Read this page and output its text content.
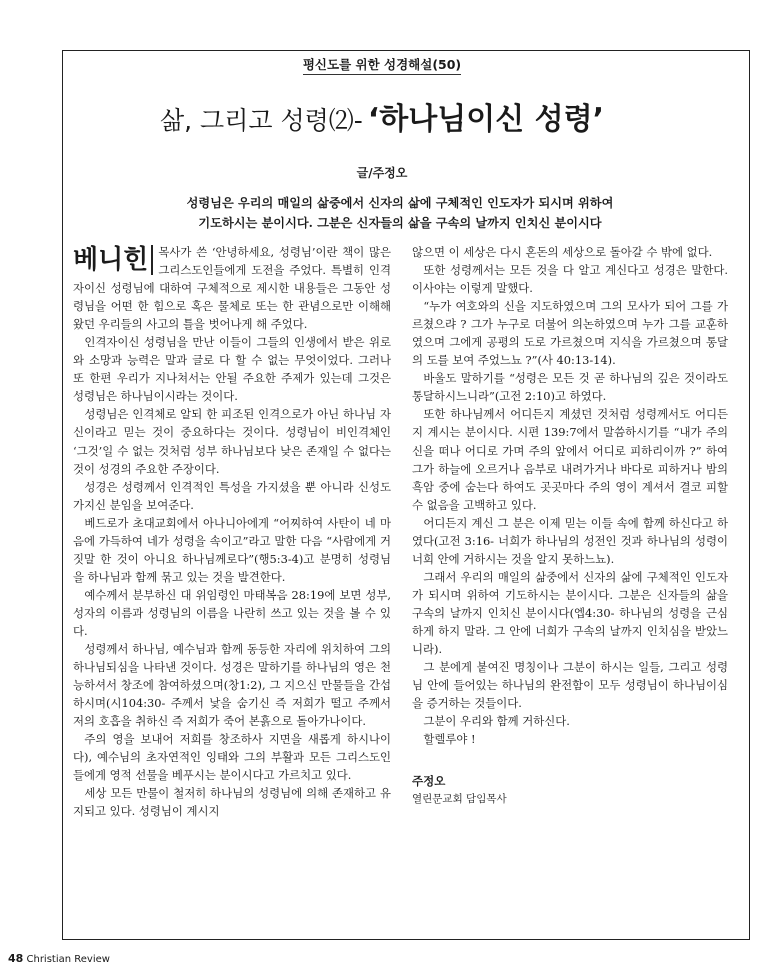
평신도를 위한 성경해설(50)
삶, 그리고 성령⑵- ‘하나님이신 성령’
글/주정오
성령님은 우리의 매일의 삶중에서 신자의 삶에 구체적인 인도자가 되시며 위하여
기도하시는 분이시다. 그분은 신자들의 삶을 구속의 날까지 인치신 분이시다

베니힌 목사가 쓴 ‘안녕하세요, 성령님’이란 책이 많은 그리스도인들에게 도전을 주었다. 특별히 인격자이신 성령님에 대하여 구체적으로 제시한 내용들은 그동안 성령님을 어떤 한 힘으로 혹은 물체로 또는 한 관념으로만 이해해 왔던 우리들의 사고의 틀을 벗어나게 해 주었다.

인격자이신 성령님을 만난 이들이 그들의 인생에서 받은 위로와 소망과 능력은 말과 글로 다 할 수 없는 무엇이었다. 그러나 또 한편 우리가 지나쳐서는 안될 주요한 주제가 있는데 그것은 성령님은 하나님이시라는 것이다.

성령님은 인격체로 알되 한 피조된 인격으로가 아닌 하나님 자신이라고 믿는 것이 중요하다는 것이다. 성령님이 비인격체인 ‘그것’일 수 없는 것처럼 성부 하나님보다 낮은 존재일 수 없다는 것이 성경의 주요한 주장이다.

성경은 성령께서 인격적인 특성을 가지셨을 뿐 아니라 신성도 가지신 분임을 보여준다.

베드로가 초대교회에서 아나니아에게 “어찌하여 사탄이 네 마음에 가득하여 네가 성령을 속이고”라고 말한 다음 “사람에게 거짓말 한 것이 아니요 하나님께로다”(행5:3-4)고 분명히 성령님을 하나님과 함께 묶고 있는 것을 발견한다.

예수께서 분부하신 대 위임령인 마태복음 28:19에 보면 성부, 성자의 이름과 성령님의 이름을 나란히 쓰고 있는 것을 볼 수 있다.

성령께서 하나님, 예수님과 함께 동등한 자리에 위치하여 그의 하나님되심을 나타낸 것이다. 성경은 말하기를 하나님의 영은 천능하셔서 창조에 참여하셨으며(창1:2), 그 지으신 만물들을 간섭하시며(시104:30- 주께서 낯을 숨기신 즉 저희가 떨고 주께서 저의 호흡을 취하신 즉 저희가 죽어 본흙으로 돌아가나이다.

주의 영을 보내어 저희를 창조하사 지면을 새롭게 하시나이다), 예수님의 초자연적인 잉태와 그의 부활과 모든 그리스도인들에게 영적 선물을 베푸시는 분이시다고 가르치고 있다.

세상 모든 만물이 철저히 하나님의 성령님에 의해 존재하고 유지되고 있다. 성령님이 계시지

않으면 이 세상은 다시 혼돈의 세상으로 돌아갈 수 밖에 없다.

또한 성령께서는 모든 것을 다 알고 계신다고 성경은 말한다. 이사야는 이렇게 말했다.

“누가 여호와의 신을 지도하였으며 그의 모사가 되어 그를 가르쳤으랴 ? 그가 누구로 더불어 의논하였으며 누가 그를 교훈하였으며 그에게 공평의 도로 가르쳤으며 지식을 가르쳤으며 통달의 도를 보여 주었느뇨 ?”(사 40:13-14).

바울도 말하기를 “성령은 모든 것 곧 하나님의 깊은 것이라도 통달하시느니라”(고전 2:10)고 하였다.

또한 하나님께서 어디든지 계셨던 것처럼 성령께서도 어디든지 계시는 분이시다. 시편 139:7에서 말씀하시기를 “내가 주의 신을 떠나 어디로 가며 주의 앞에서 어디로 피하리이까 ?” 하여 그가 하늘에 오르거나 음부로 내려가거나 바다로 피하거나 밤의 흑암 중에 숨는다 하여도 곳곳마다 주의 영이 계셔서 결코 피할 수 없음을 고백하고 있다.

어디든지 계신 그 분은 이제 믿는 이들 속에 함께 하신다고 하였다(고전 3:16- 너희가 하나님의 성전인 것과 하나님의 성령이 너희 안에 거하시는 것을 알지 못하느뇨).

그래서 우리의 매일의 삶중에서 신자의 삶에 구체적인 인도자가 되시며 위하여 기도하시는 분이시다. 그분은 신자들의 삶을 구속의 날까지 인치신 분이시다(엡4:30- 하나님의 성령을 근심하게 하지 말라. 그 안에 너희가 구속의 날까지 인치심을 받았느니라).

그 분에게 붙여진 명칭이나 그분이 하시는 일들, 그리고 성령님 안에 들어있는 하나님의 완전함이 모두 성령님이 하나님이심을 증거하는 것들이다.

그분이 우리와 함께 거하신다.

할렐루야 !

주정오
열린문교회 담임목사
48 Christian Review
